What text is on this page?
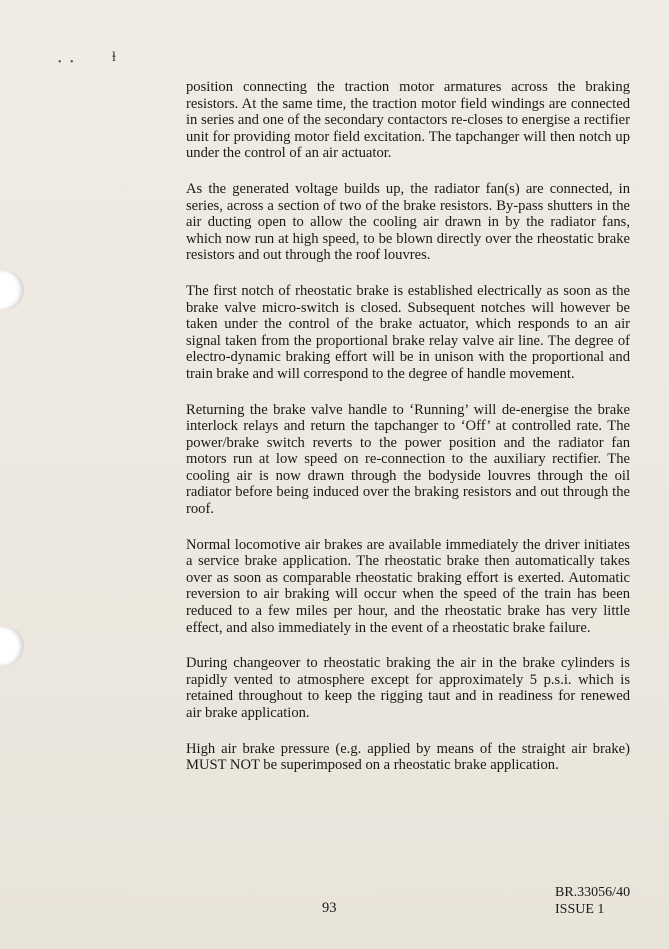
• •	ɫ

position connecting the traction motor armatures across the braking resistors. At the same time, the traction motor field windings are connected in series and one of the secondary contactors re-closes to energise a rectifier unit for providing motor field excitation. The tapchanger will then notch up under the control of an air actuator.

As the generated voltage builds up, the radiator fan(s) are connected, in series, across a section of two of the brake resistors. By-pass shutters in the air ducting open to allow the cooling air drawn in by the radiator fans, which now run at high speed, to be blown directly over the rheostatic brake resistors and out through the roof louvres.

The first notch of rheostatic brake is established electrically as soon as the brake valve micro-switch is closed. Subsequent notches will however be taken under the control of the brake actuator, which responds to an air signal taken from the proportional brake relay valve air line. The degree of electro-dynamic braking effort will be in unison with the proportional and train brake and will correspond to the degree of handle movement.

Returning the brake valve handle to ‘Running’ will de-energise the brake interlock relays and return the tapchanger to ‘Off’ at controlled rate. The power/brake switch reverts to the power position and the radiator fan motors run at low speed on re-connection to the auxiliary rectifier. The cooling air is now drawn through the bodyside louvres through the oil radiator before being induced over the braking resistors and out through the roof.

Normal locomotive air brakes are available immediately the driver initiates a service brake application. The rheostatic brake then automatically takes over as soon as comparable rheostatic braking effort is exerted. Automatic reversion to air braking will occur when the speed of the train has been reduced to a few miles per hour, and the rheostatic brake has very little effect, and also immediately in the event of a rheostatic brake failure.

During changeover to rheostatic braking the air in the brake cylinders is rapidly vented to atmosphere except for approximately 5 p.s.i. which is retained throughout to keep the rigging taut and in readiness for renewed air brake application.

High air brake pressure (e.g. applied by means of the straight air brake) MUST NOT be superimposed on a rheostatic brake application.

93
BR.33056/40
ISSUE 1
